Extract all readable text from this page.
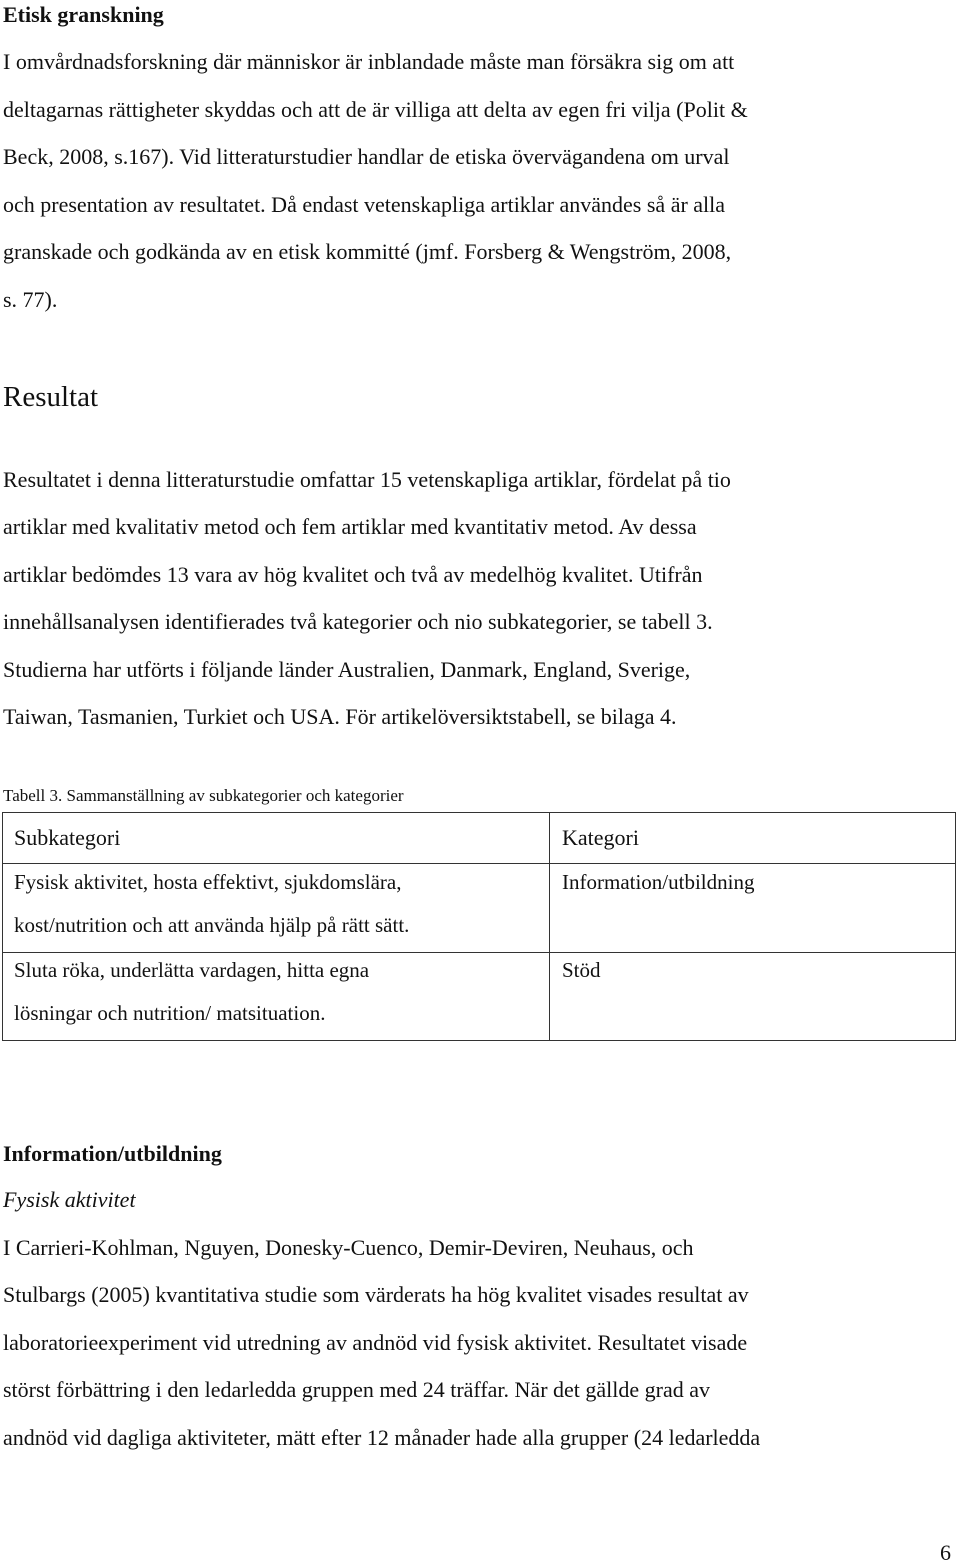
Etisk granskning
I omvårdnadsforskning där människor är inblandade måste man försäkra sig om att
deltagarnas rättigheter skyddas och att de är villiga att delta av egen fri vilja (Polit &
Beck, 2008, s.167). Vid litteraturstudier handlar de etiska övervägandena om urval
och presentation av resultatet. Då endast vetenskapliga artiklar användes så är alla
granskade och godkända av en etisk kommitté (jmf. Forsberg & Wengström, 2008,
s. 77).
Resultat
Resultatet i denna litteraturstudie omfattar 15 vetenskapliga artiklar, fördelat på tio
artiklar med kvalitativ metod och fem artiklar med kvantitativ metod. Av dessa
artiklar bedömdes 13 vara av hög kvalitet och två av medelhög kvalitet. Utifrån
innehållsanalysen identifierades två kategorier och nio subkategorier, se tabell 3.
Studierna har utförts i följande länder Australien, Danmark, England, Sverige,
Taiwan, Tasmanien, Turkiet och USA. För artikelöversiktstabell, se bilaga 4.
Tabell 3. Sammanställning av subkategorier och kategorier
Subkategori	Kategori
Fysisk aktivitet, hosta effektivt, sjukdomslära,
kost/nutrition och att använda hjälp på rätt sätt.
Information/utbildning
Sluta röka, underlätta vardagen, hitta egna
lösningar och nutrition/ matsituation.
Stöd
Information/utbildning
Fysisk aktivitet
I Carrieri-Kohlman, Nguyen, Donesky-Cuenco, Demir-Deviren, Neuhaus, och
Stulbargs (2005) kvantitativa studie som värderats ha hög kvalitet visades resultat av
laboratorieexperiment vid utredning av andnöd vid fysisk aktivitet. Resultatet visade
störst förbättring i den ledarledda gruppen med 24 träffar. När det gällde grad av
andnöd vid dagliga aktiviteter, mätt efter 12 månader hade alla grupper (24 ledarledda
6
